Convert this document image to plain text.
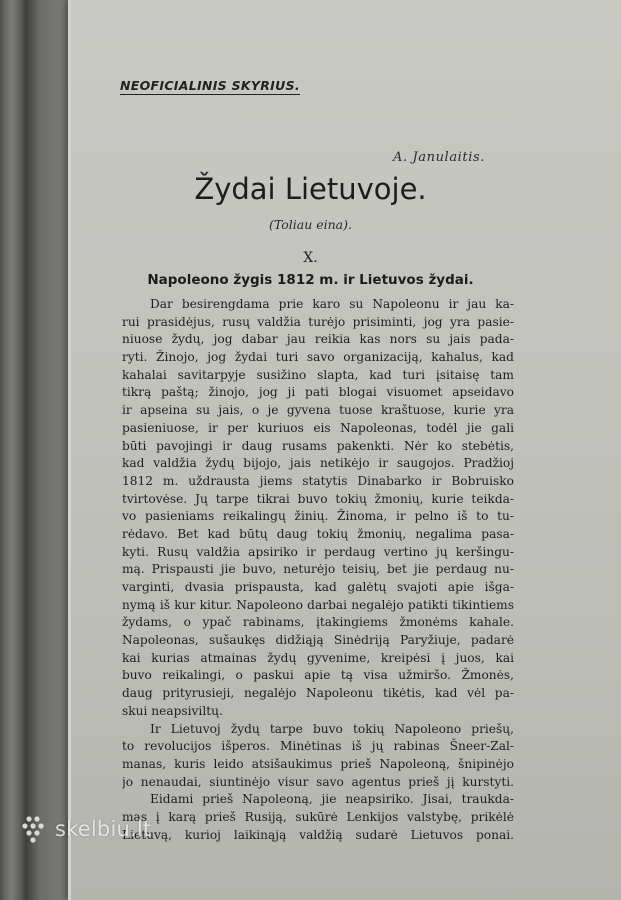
NEOFICIALINIS SKYRIUS.
A. Janulaitis.
Žydai Lietuvoje.
(Toliau eina).
X.
Napoleono žygis 1812 m. ir Lietuvos žydai.
Dar besirengdama prie karo su Napoleonu ir jau ka-
rui prasidėjus, rusų valdžia turėjo prisiminti, jog yra pasie-
niuose žydų, jog dabar jau reikia kas nors su jais pada-
ryti. Žinojo, jog žydai turi savo organizaciją, kahalus, kad
kahalai savitarpyje susižino slapta, kad turi įsitaisę tam
tikrą paštą; žinojo, jog ji pati blogai visuomet apseidavo
ir apseina su jais, o je gyvena tuose kraštuose, kurie yra
pasieniuose, ir per kuriuos eis Napoleonas, todėl jie gali
būti pavojingi ir daug rusams pakenkti. Nėr ko stebėtis,
kad valdžia žydų bijojo, jais netikėjo ir saugojos. Pradžioj
1812 m. uždrausta jiems statytis Dinabarko ir Bobruisko
tvirtovėse. Jų tarpe tikrai buvo tokių žmonių, kurie teikda-
vo pasieniams reikalingų žinių. Žinoma, ir pelno iš to tu-
rėdavo. Bet kad būtų daug tokių žmonių, negalima pasa-
kyti. Rusų valdžia apsiriko ir perdaug vertino jų keršingu-
mą. Prispausti jie buvo, neturėjo teisių, bet jie perdaug nu-
varginti, dvasia prispausta, kad galėtų svajoti apie išga-
nymą iš kur kitur. Napoleono darbai negalėjo patikti tikintiems
žydams, o ypač rabinams, įtakingiems žmonėms kahale.
Napoleonas, sušaukęs didžiąją Sinėdriją Paryžiuje, padarė
kai kurias atmainas žydų gyvenime, kreipėsi į juos, kai
buvo reikalingi, o paskui apie tą visa užmiršo. Žmonės,
daug prityrusieji, negalėjo Napoleonu tikėtis, kad vėl pa-
skui neapsiviltų.
Ir Lietuvoj žydų tarpe buvo tokių Napoleono priešų,
to revolucijos išperos. Minėtinas iš jų rabinas Šneer-Zal-
manas, kuris leido atsišaukimus prieš Napoleoną, šnipinėjo
jo nenaudai, siuntinėjo visur savo agentus prieš jį kurstyti.
Eidami prieš Napoleoną, jie neapsiriko. Jisai, traukda-
mas į karą prieš Rusiją, sukūrė Lenkijos valstybę, prikėlė
Lietuvą, kurioj laikinąją valdžią sudarė Lietuvos ponai.
skelbiu.lt
